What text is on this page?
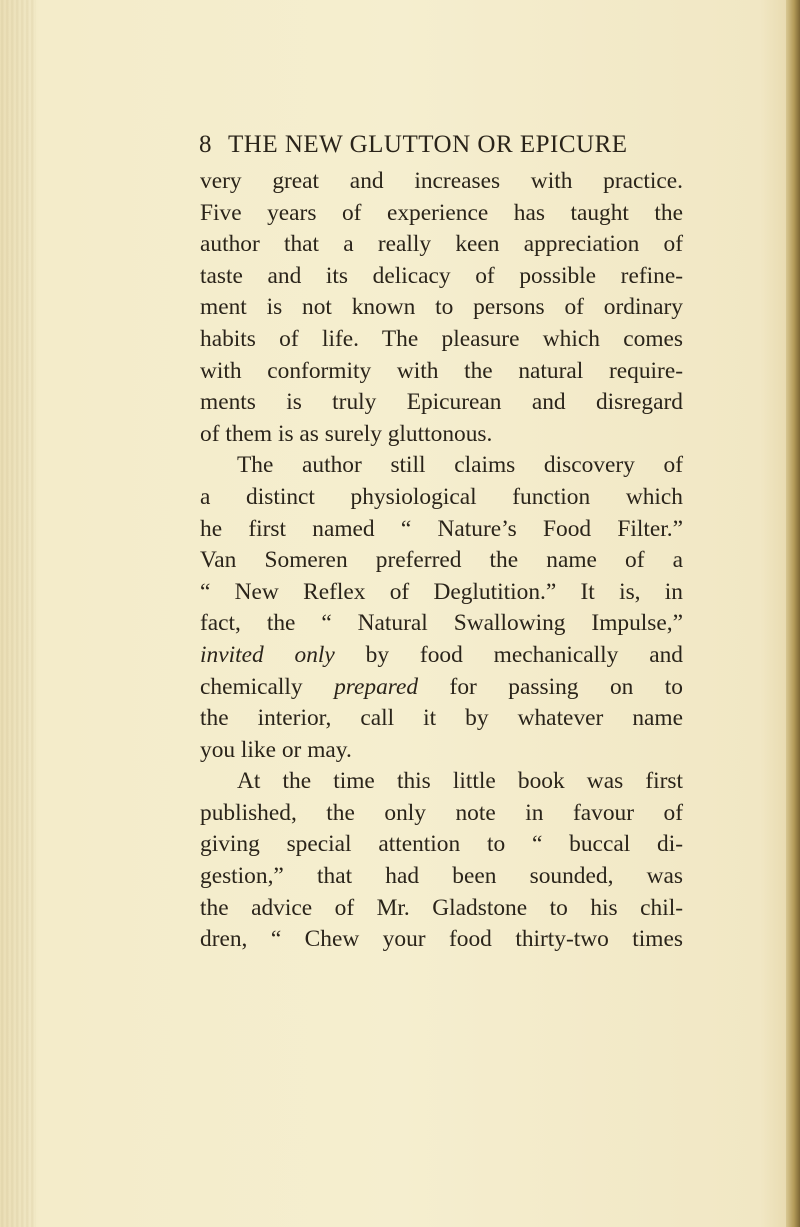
8 THE NEW GLUTTON OR EPICURE
very great and increases with practice.
Five years of experience has taught the
author that a really keen appreciation of
taste and its delicacy of possible refine-
ment is not known to persons of ordinary
habits of life. The pleasure which comes
with conformity with the natural require-
ments is truly Epicurean and disregard
of them is as surely gluttonous.
The author still claims discovery of
a distinct physiological function which
he first named “ Nature’s Food Filter.”
Van Someren preferred the name of a
“ New Reflex of Deglutition.” It is, in
fact, the “ Natural Swallowing Impulse,”
invited only by food mechanically and
chemically prepared for passing on to
the interior, call it by whatever name
you like or may.
At the time this little book was first
published, the only note in favour of
giving special attention to “ buccal di-
gestion,” that had been sounded, was
the advice of Mr. Gladstone to his chil-
dren, “ Chew your food thirty-two times
